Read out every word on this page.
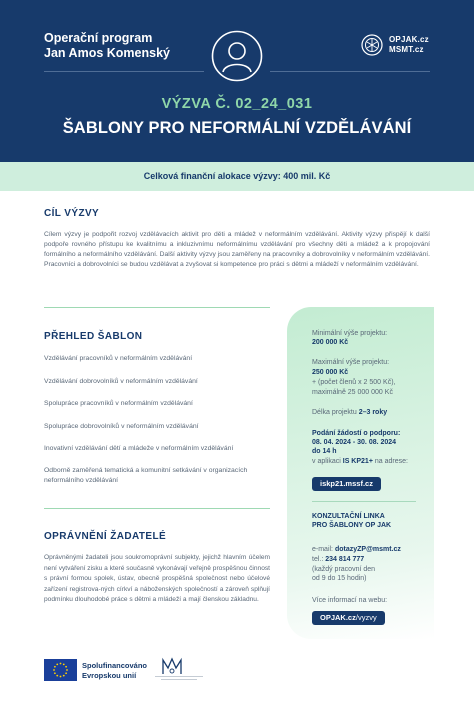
Operační program
Jan Amos Komenský
OPJAK.cz
MSMT.cz
VÝZVA Č. 02_24_031
ŠABLONY PRO NEFORMÁLNÍ VZDĚLÁVÁNÍ
Celková finanční alokace výzvy: 400 mil. Kč
CÍL VÝZVY
Cílem výzvy je podpořit rozvoj vzdělávacích aktivit pro děti a mládež v neformálním vzdělávání. Aktivity výzvy přispějí k další podpoře rovného přístupu ke kvalitnímu a inkluzivnímu neformálnímu vzdělávání pro všechny děti a mládež a k propojování formálního a neformálního vzdělávání. Další aktivity výzvy jsou zaměřeny na pracovníky a dobrovolníky v neformálním vzdělávání. Pracovníci a dobrovolníci se budou vzdělávat a zvyšovat si kompetence pro práci s dětmi a mládeží v neformálním vzdělávání.
PŘEHLED ŠABLON
Vzdělávání pracovníků v neformálním vzdělávání
Vzdělávání dobrovolníků v neformálním vzdělávání
Spolupráce pracovníků v neformálním vzdělávání
Spolupráce dobrovolníků v neformálním vzdělávání
Inovativní vzdělávání dětí a mládeže v neformálním vzdělávání
Odborně zaměřená tematická a komunitní setkávání v organizacích neformálního vzdělávání
OPRÁVNĚNÍ ŽADATELÉ
Oprávněnými žadateli jsou soukromoprávní subjekty, jejichž hlavním účelem není vytváření zisku a které současně vykonávají veřejně prospěšnou činnost s právní formou spolek, ústav, obecně prospěšná společnost nebo účelové zařízení registrova-ných církví a náboženských společností a zároveň splňují podmínku dlouhodobé práce s dětmi a mládeží a mají členskou základnu.
Minimální výše projektu:
200 000 Kč
Maximální výše projektu:
250 000 Kč
+ (počet členů x 2 500 Kč),
maximálně 25 000 000 Kč
Délka projektu 2–3 roky
Podání žádostí o podporu:
08. 04. 2024 - 30. 08. 2024
do 14 h
v aplikaci IS KP21+ na adrese:
iskp21.mssf.cz
KONZULTAČNÍ LINKA
PRO ŠABLONY OP JAK
e-mail: dotazyZP@msmt.cz
tel.: 234 814 777
(každý pracovní den
od 9 do 15 hodin)
Více informací na webu:
OPJAK.cz/vyzvy
Spolufinancováno
Evropskou unií
